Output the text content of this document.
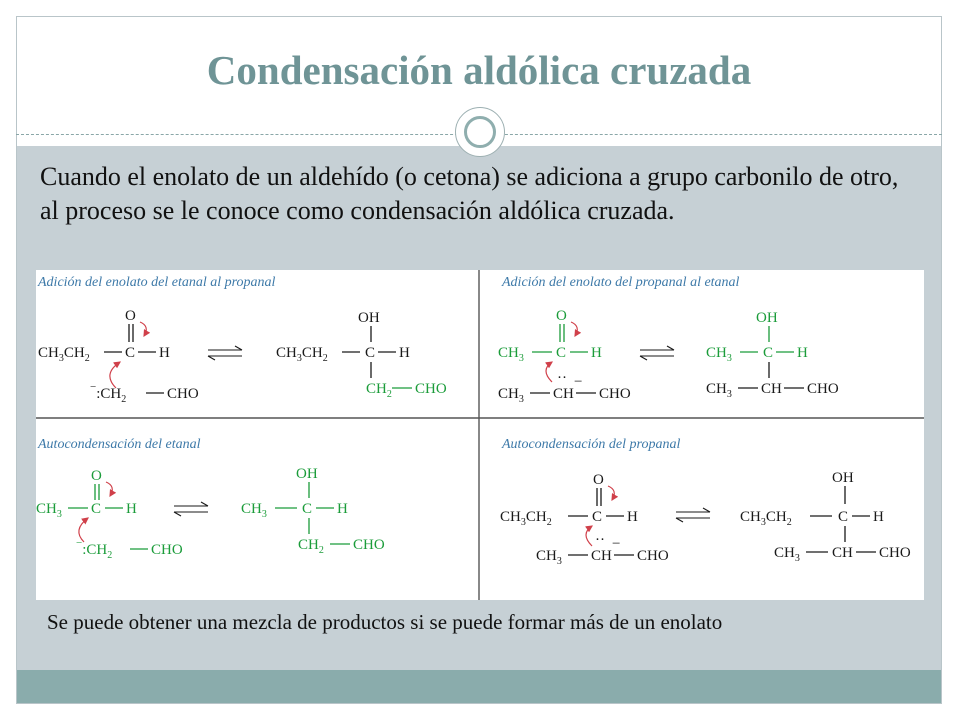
Condensación aldólica cruzada

Cuando el enolato de un aldehído (o cetona) se adiciona a grupo carbonilo de otro, al proceso se le conoce como condensación aldólica cruzada.

Adición del enolato del etanal al propanal
$CH_3CH_2$ C H
O
$^-:CH_2$	CHO
OH
$CH_3CH_2$ C H
$CH_2$ CHO
Adición del enolato del propanal al etanal
O
$CH_3$ C H
$CH_3$ CH
·· −
CHO
OH
$CH_3$ C H
$CH_3$ CH CHO
Autocondensación del etanal
O
$CH_3$ C H
$^-:CH_2$	CHO
OH
$CH_3$ C H
$CH_2$ CHO
Autocondensación del propanal
O
$CH_3CH_2$	C H
$CH_3$ CH
·· −
CHO
OH
$CH_3CH_2$	C H
$CH_3$ CH CHO

Se puede obtener una mezcla de productos si se puede formar más de un enolato
